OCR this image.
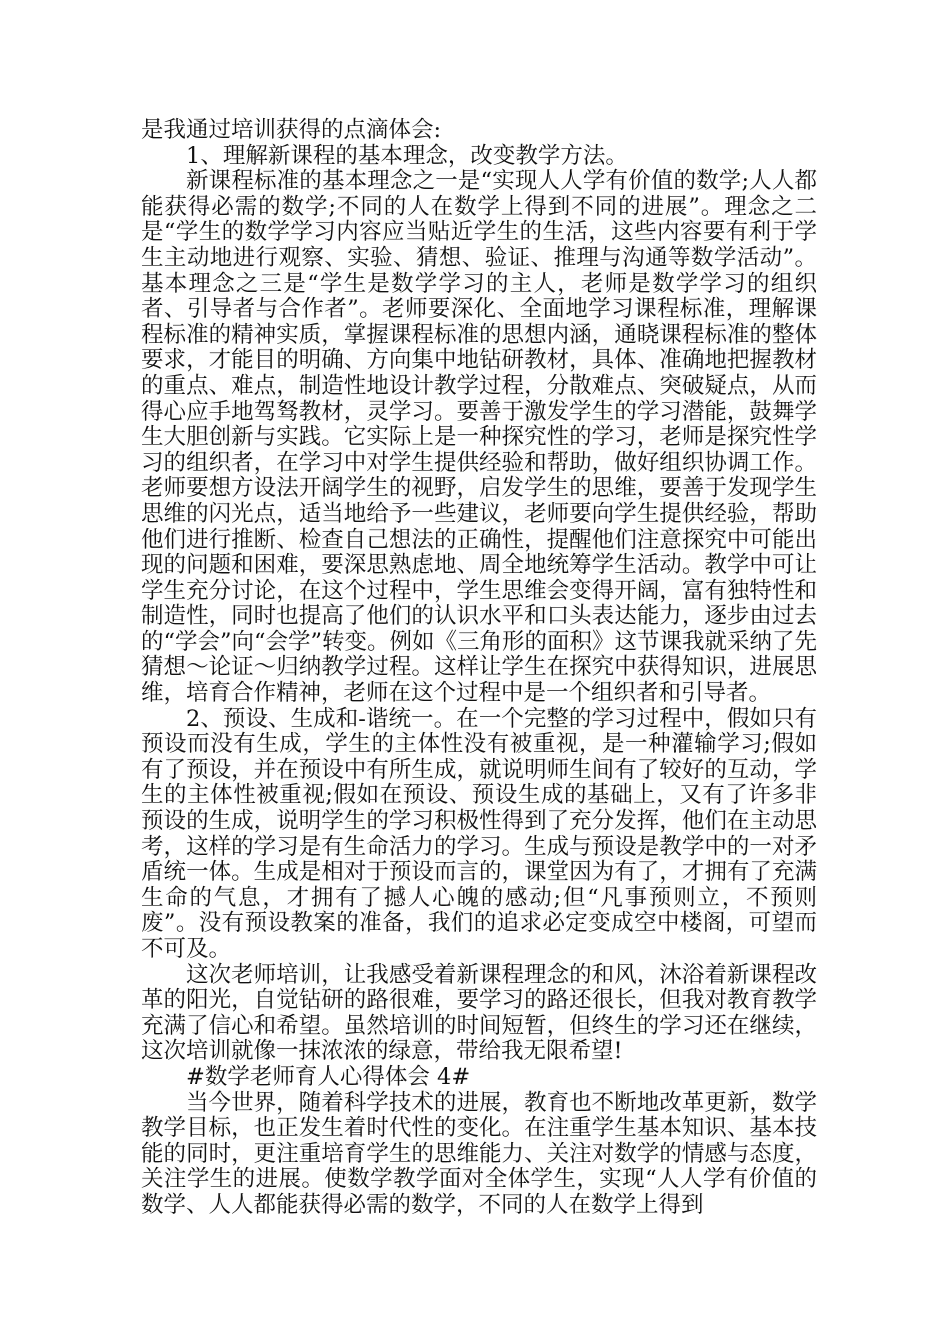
是我通过培训获得的点滴体会:

1、理解新课程的基本理念，改变教学方法。

新课程标准的基本理念之一是“实现人人学有价值的数学;人人都能获得必需的数学;不同的人在数学上得到不同的进展”。理念之二是“学生的数学学习内容应当贴近学生的生活，这些内容要有利于学生主动地进行观察、实验、猜想、验证、推理与沟通等数学活动”。基本理念之三是“学生是数学学习的主人，老师是数学学习的组织者、引导者与合作者”。老师要深化、全面地学习课程标准，理解课程标准的精神实质，掌握课程标准的思想内涵，通晓课程标准的整体要求，才能目的明确、方向集中地钻研教材，具体、准确地把握教材的重点、难点，制造性地设计教学过程，分散难点、突破疑点，从而得心应手地驾驽教材，灵学习。要善于激发学生的学习潜能，鼓舞学生大胆创新与实践。它实际上是一种探究性的学习，老师是探究性学习的组织者，在学习中对学生提供经验和帮助，做好组织协调工作。老师要想方设法开阔学生的视野，启发学生的思维，要善于发现学生思维的闪光点，适当地给予一些建议，老师要向学生提供经验，帮助他们进行推断、检查自己想法的正确性，提醒他们注意探究中可能出现的问题和困难，要深思熟虑地、周全地统筹学生活动。教学中可让学生充分讨论，在这个过程中，学生思维会变得开阔，富有独特性和制造性，同时也提高了他们的认识水平和口头表达能力，逐步由过去的“学会”向“会学”转变。例如《三角形的面积》这节课我就采纳了先猜想～论证～归纳教学过程。这样让学生在探究中获得知识，进展思维，培育合作精神，老师在这个过程中是一个组织者和引导者。

2、预设、生成和-谐统一。在一个完整的学习过程中，假如只有预设而没有生成，学生的主体性没有被重视，是一种灌输学习;假如有了预设，并在预设中有所生成，就说明师生间有了较好的互动，学生的主体性被重视;假如在预设、预设生成的基础上，又有了许多非预设的生成，说明学生的学习积极性得到了充分发挥，他们在主动思考，这样的学习是有生命活力的学习。生成与预设是教学中的一对矛盾统一体。生成是相对于预设而言的，课堂因为有了，才拥有了充满生命的气息，才拥有了撼人心魄的感动;但“凡事预则立，不预则废”。没有预设教案的准备，我们的追求必定变成空中楼阁，可望而不可及。

这次老师培训，让我感受着新课程理念的和风，沐浴着新课程改革的阳光，自觉钻研的路很难，要学习的路还很长，但我对教育教学充满了信心和希望。虽然培训的时间短暂，但终生的学习还在继续，这次培训就像一抹浓浓的绿意，带给我无限希望!

#数学老师育人心得体会 4#

当今世界，随着科学技术的进展，教育也不断地改革更新，数学教学目标，也正发生着时代性的变化。在注重学生基本知识、基本技能的同时，更注重培育学生的思维能力、关注对数学的情感与态度，关注学生的进展。使数学教学面对全体学生，实现“人人学有价值的数学、人人都能获得必需的数学，不同的人在数学上得到
